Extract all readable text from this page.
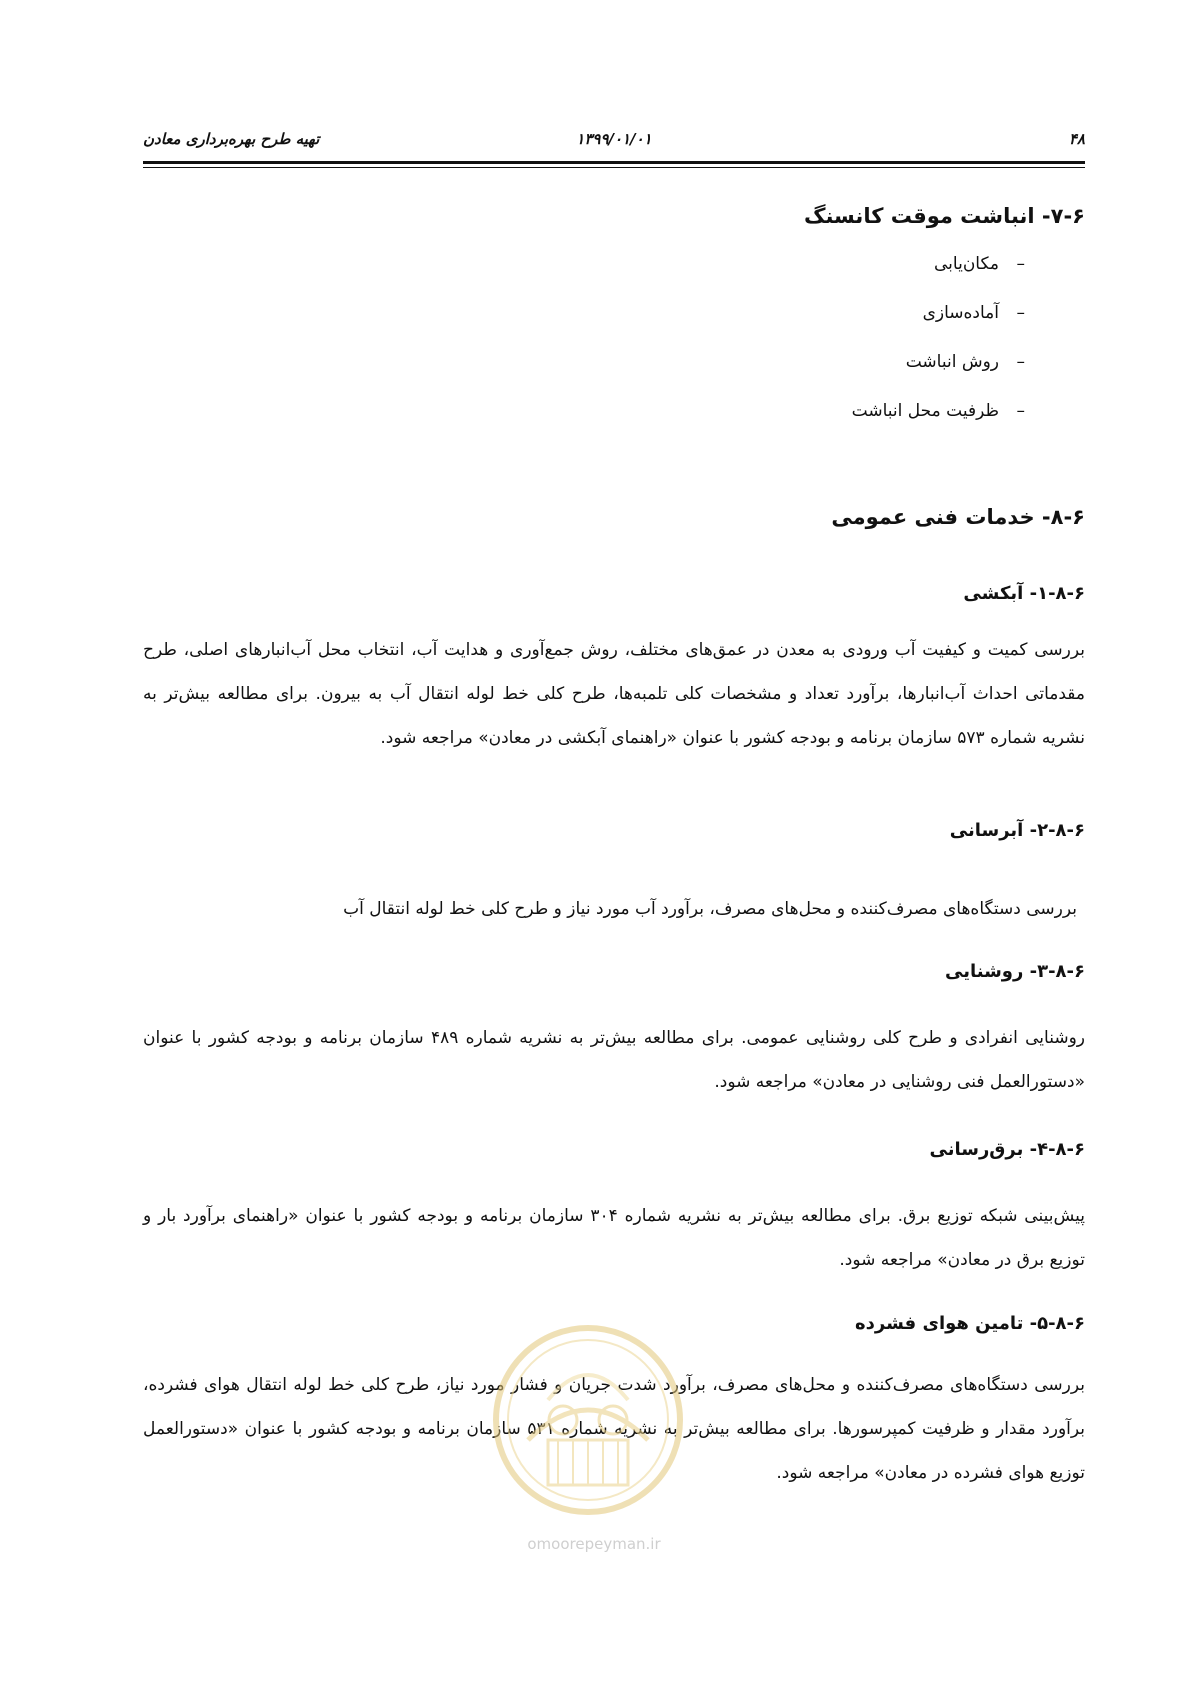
۴۸
۱۳۹۹/۰۱/۰۱
تهیه طرح بهره‌برداری معادن
۷-۶- انباشت موقت کانسنگ
–مکان‌یابی
–آماده‌سازی
–روش انباشت
–ظرفیت محل انباشت
۸-۶- خدمات فنی عمومی
۱-۸-۶- آبکشی

بررسی کمیت و کیفیت آب ورودی به معدن در عمق‌های مختلف، روش جمع‌آوری و هدایت آب، انتخاب محل آب‌انبارهای اصلی، طرح مقدماتی احداث آب‌انبارها، برآورد تعداد و مشخصات کلی تلمبه‌ها، طرح کلی خط لوله انتقال آب به بیرون. برای مطالعه بیش‌تر به نشریه شماره ۵۷۳ سازمان برنامه و بودجه کشور با عنوان «راهنمای آبکشی در معادن» مراجعه شود.

۲-۸-۶- آبرسانی

بررسی دستگاه‌های مصرف‌کننده و محل‌های مصرف، برآورد آب مورد نیاز و طرح کلی خط لوله انتقال آب

۳-۸-۶- روشنایی

روشنایی انفرادی و طرح کلی روشنایی عمومی. برای مطالعه بیش‌تر به نشریه شماره ۴۸۹ سازمان برنامه و بودجه کشور با عنوان «دستورالعمل فنی روشنایی در معادن» مراجعه شود.

۴-۸-۶- برق‌رسانی

پیش‌بینی شبکه توزیع برق. برای مطالعه بیش‌تر به نشریه شماره ۳۰۴ سازمان برنامه و بودجه کشور با عنوان «راهنمای برآورد بار و توزیع برق در معادن» مراجعه شود.

۵-۸-۶- تامین هوای فشرده

بررسی دستگاه‌های مصرف‌کننده و محل‌های مصرف، برآورد شدت جریان و فشار مورد نیاز، طرح کلی خط لوله انتقال هوای فشرده، برآورد مقدار و ظرفیت کمپرسورها. برای مطالعه بیش‌تر به نشریه شماره ۵۳۱ سازمان برنامه و بودجه کشور با عنوان «دستورالعمل توزیع هوای فشرده در معادن» مراجعه شود.

omoorepeyman.ir
